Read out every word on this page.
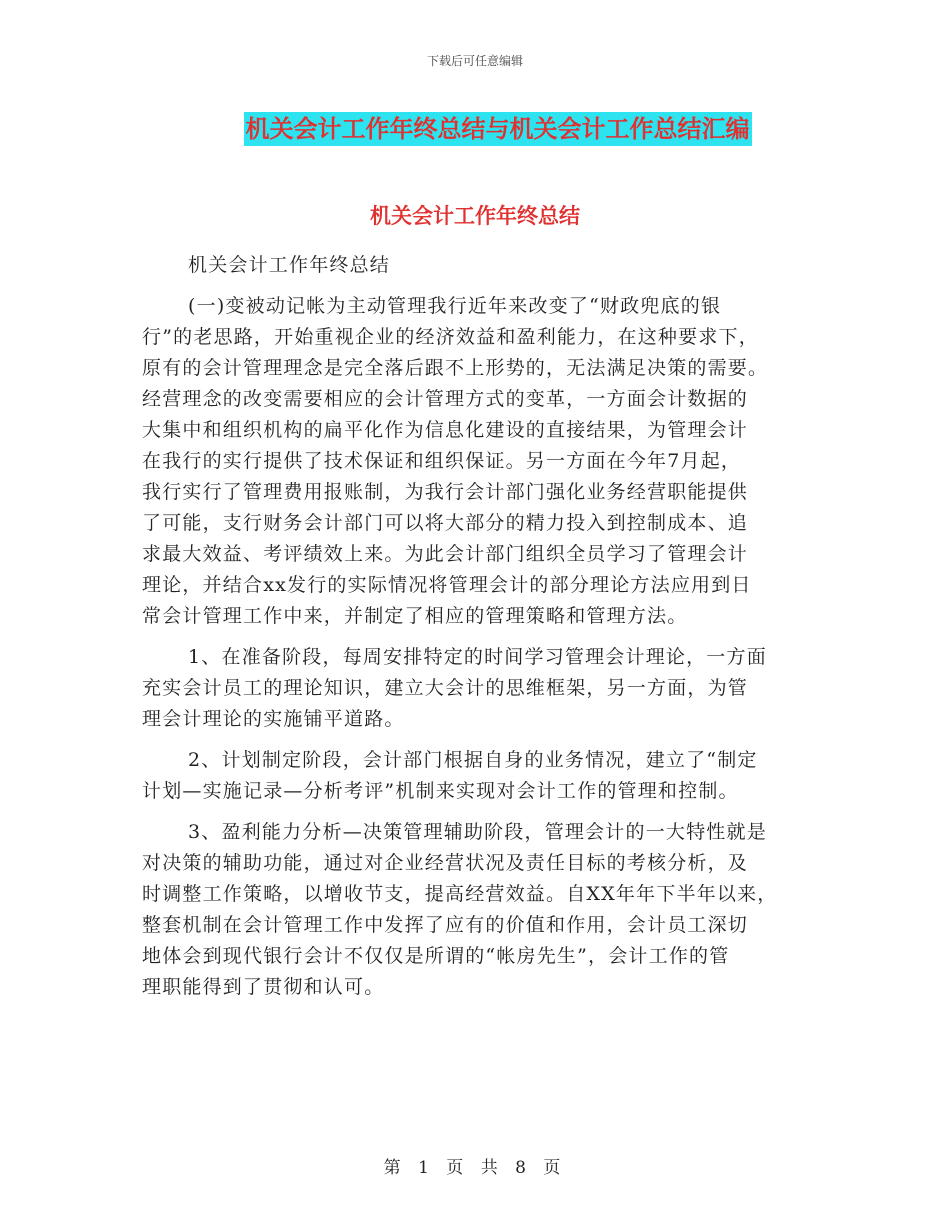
下载后可任意编辑
机关会计工作年终总结与机关会计工作总结汇编
机关会计工作年终总结
机关会计工作年终总结
(一)变被动记帐为主动管理我行近年来改变了“财政兜底的银
行”的老思路，开始重视企业的经济效益和盈利能力，在这种要求下，
原有的会计管理理念是完全落后跟不上形势的，无法满足决策的需要。
经营理念的改变需要相应的会计管理方式的变革，一方面会计数据的
大集中和组织机构的扁平化作为信息化建设的直接结果，为管理会计
在我行的实行提供了技术保证和组织保证。另一方面在今年7月起，
我行实行了管理费用报账制，为我行会计部门强化业务经营职能提供
了可能，支行财务会计部门可以将大部分的精力投入到控制成本、追
求最大效益、考评绩效上来。为此会计部门组织全员学习了管理会计
理论，并结合xx发行的实际情况将管理会计的部分理论方法应用到日
常会计管理工作中来，并制定了相应的管理策略和管理方法。
1、在准备阶段，每周安排特定的时间学习管理会计理论，一方面
充实会计员工的理论知识，建立大会计的思维框架，另一方面，为管
理会计理论的实施铺平道路。
2、计划制定阶段，会计部门根据自身的业务情况，建立了“制定
计划—实施记录—分析考评”机制来实现对会计工作的管理和控制。
3、盈利能力分析—决策管理辅助阶段，管理会计的一大特性就是
对决策的辅助功能，通过对企业经营状况及责任目标的考核分析，及
时调整工作策略，以增收节支，提高经营效益。自XX年年下半年以来，
整套机制在会计管理工作中发挥了应有的价值和作用，会计员工深切
地体会到现代银行会计不仅仅是所谓的“帐房先生”，会计工作的管
理职能得到了贯彻和认可。
第 1 页 共 8 页
